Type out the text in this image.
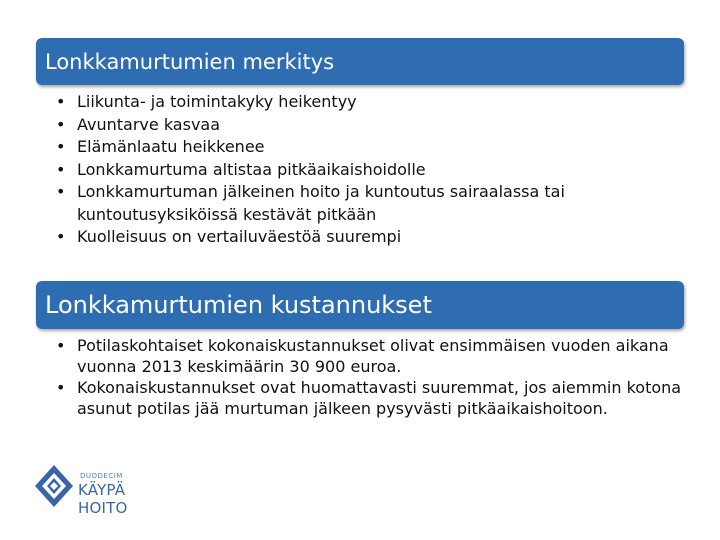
Lonkkamurtumien merkitys
• Liikunta- ja toimintakyky heikentyy
• Avuntarve kasvaa
• Elämänlaatu heikkenee
• Lonkkamurtuma altistaa pitkäaikaishoidolle
• Lonkkamurtuman jälkeinen hoito ja kuntoutus sairaalassa tai kuntoutusyksiköissä kestävät pitkään
• Kuolleisuus on vertailuväestöä suurempi
Lonkkamurtumien kustannukset
• Potilaskohtaiset kokonaiskustannukset olivat ensimmäisen vuoden aikana vuonna 2013 keskimäärin 30 900 euroa.
• Kokonaiskustannukset ovat huomattavasti suuremmat, jos aiemmin kotona asunut potilas jää murtuman jälkeen pysyvästi pitkäaikaishoitoon.
DUODECIM
KÄYPÄ HOITO
